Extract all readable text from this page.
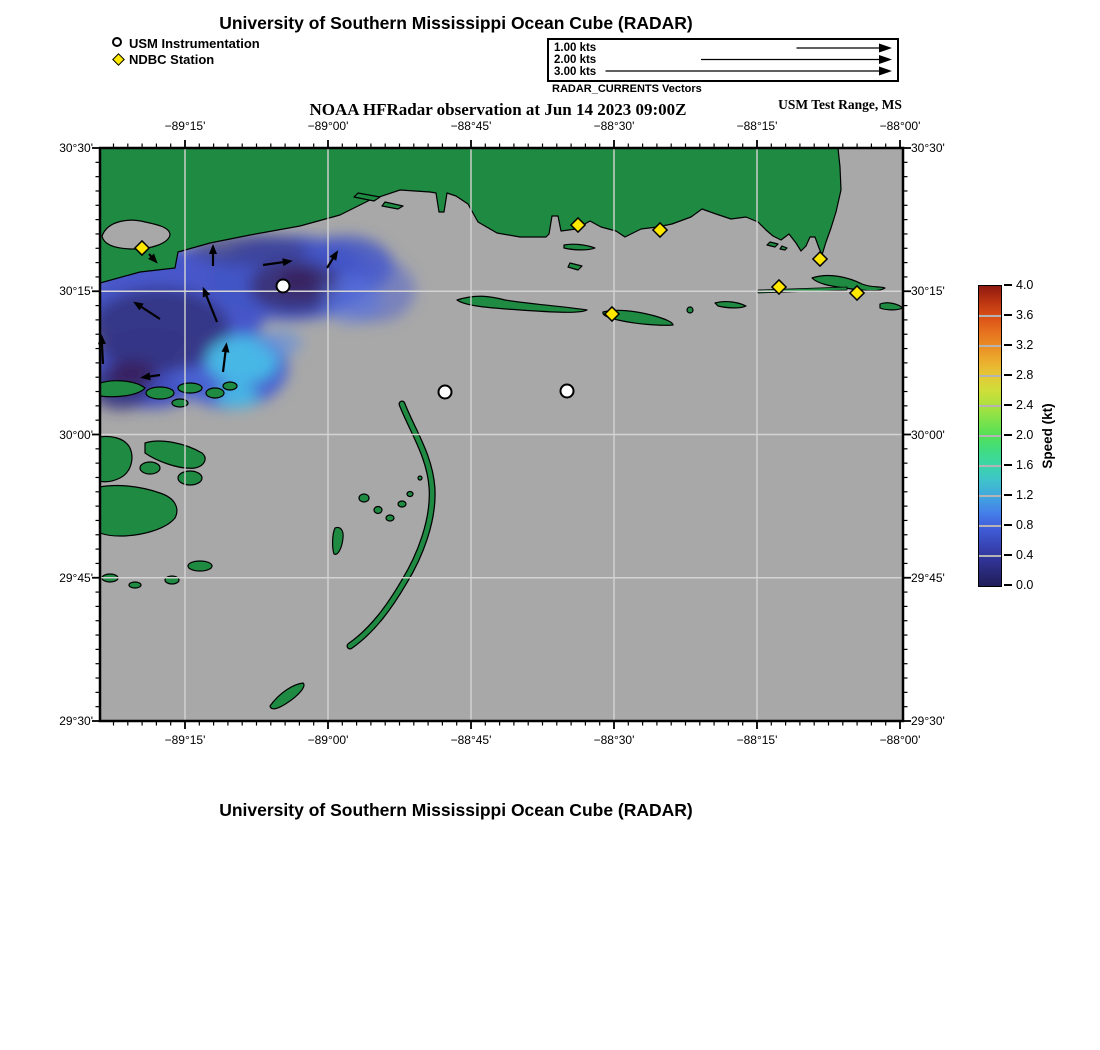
University of Southern Mississippi Ocean Cube (RADAR)
USM Instrumentation
NDBC Station
1.00 kts
2.00 kts
3.00 kts
RADAR_CURRENTS Vectors
NOAA HFRadar observation at Jun 14 2023 09:00Z	USM Test Range, MS
−89°15'
−89°15'
−89°00'
−89°00'
−88°45'
−88°45'
−88°30'
−88°30'
−88°15'
−88°15'
−88°00'
−88°00'
30°30'	30°30'
30°15'	30°15'
30°00'	30°00'
29°45'	29°45'
29°30'	29°30'
4.0
3.6
3.2
2.8
2.4
2.0
1.6
1.2
0.8
0.4
0.0
Speed (kt)
University of Southern Mississippi Ocean Cube (RADAR)
